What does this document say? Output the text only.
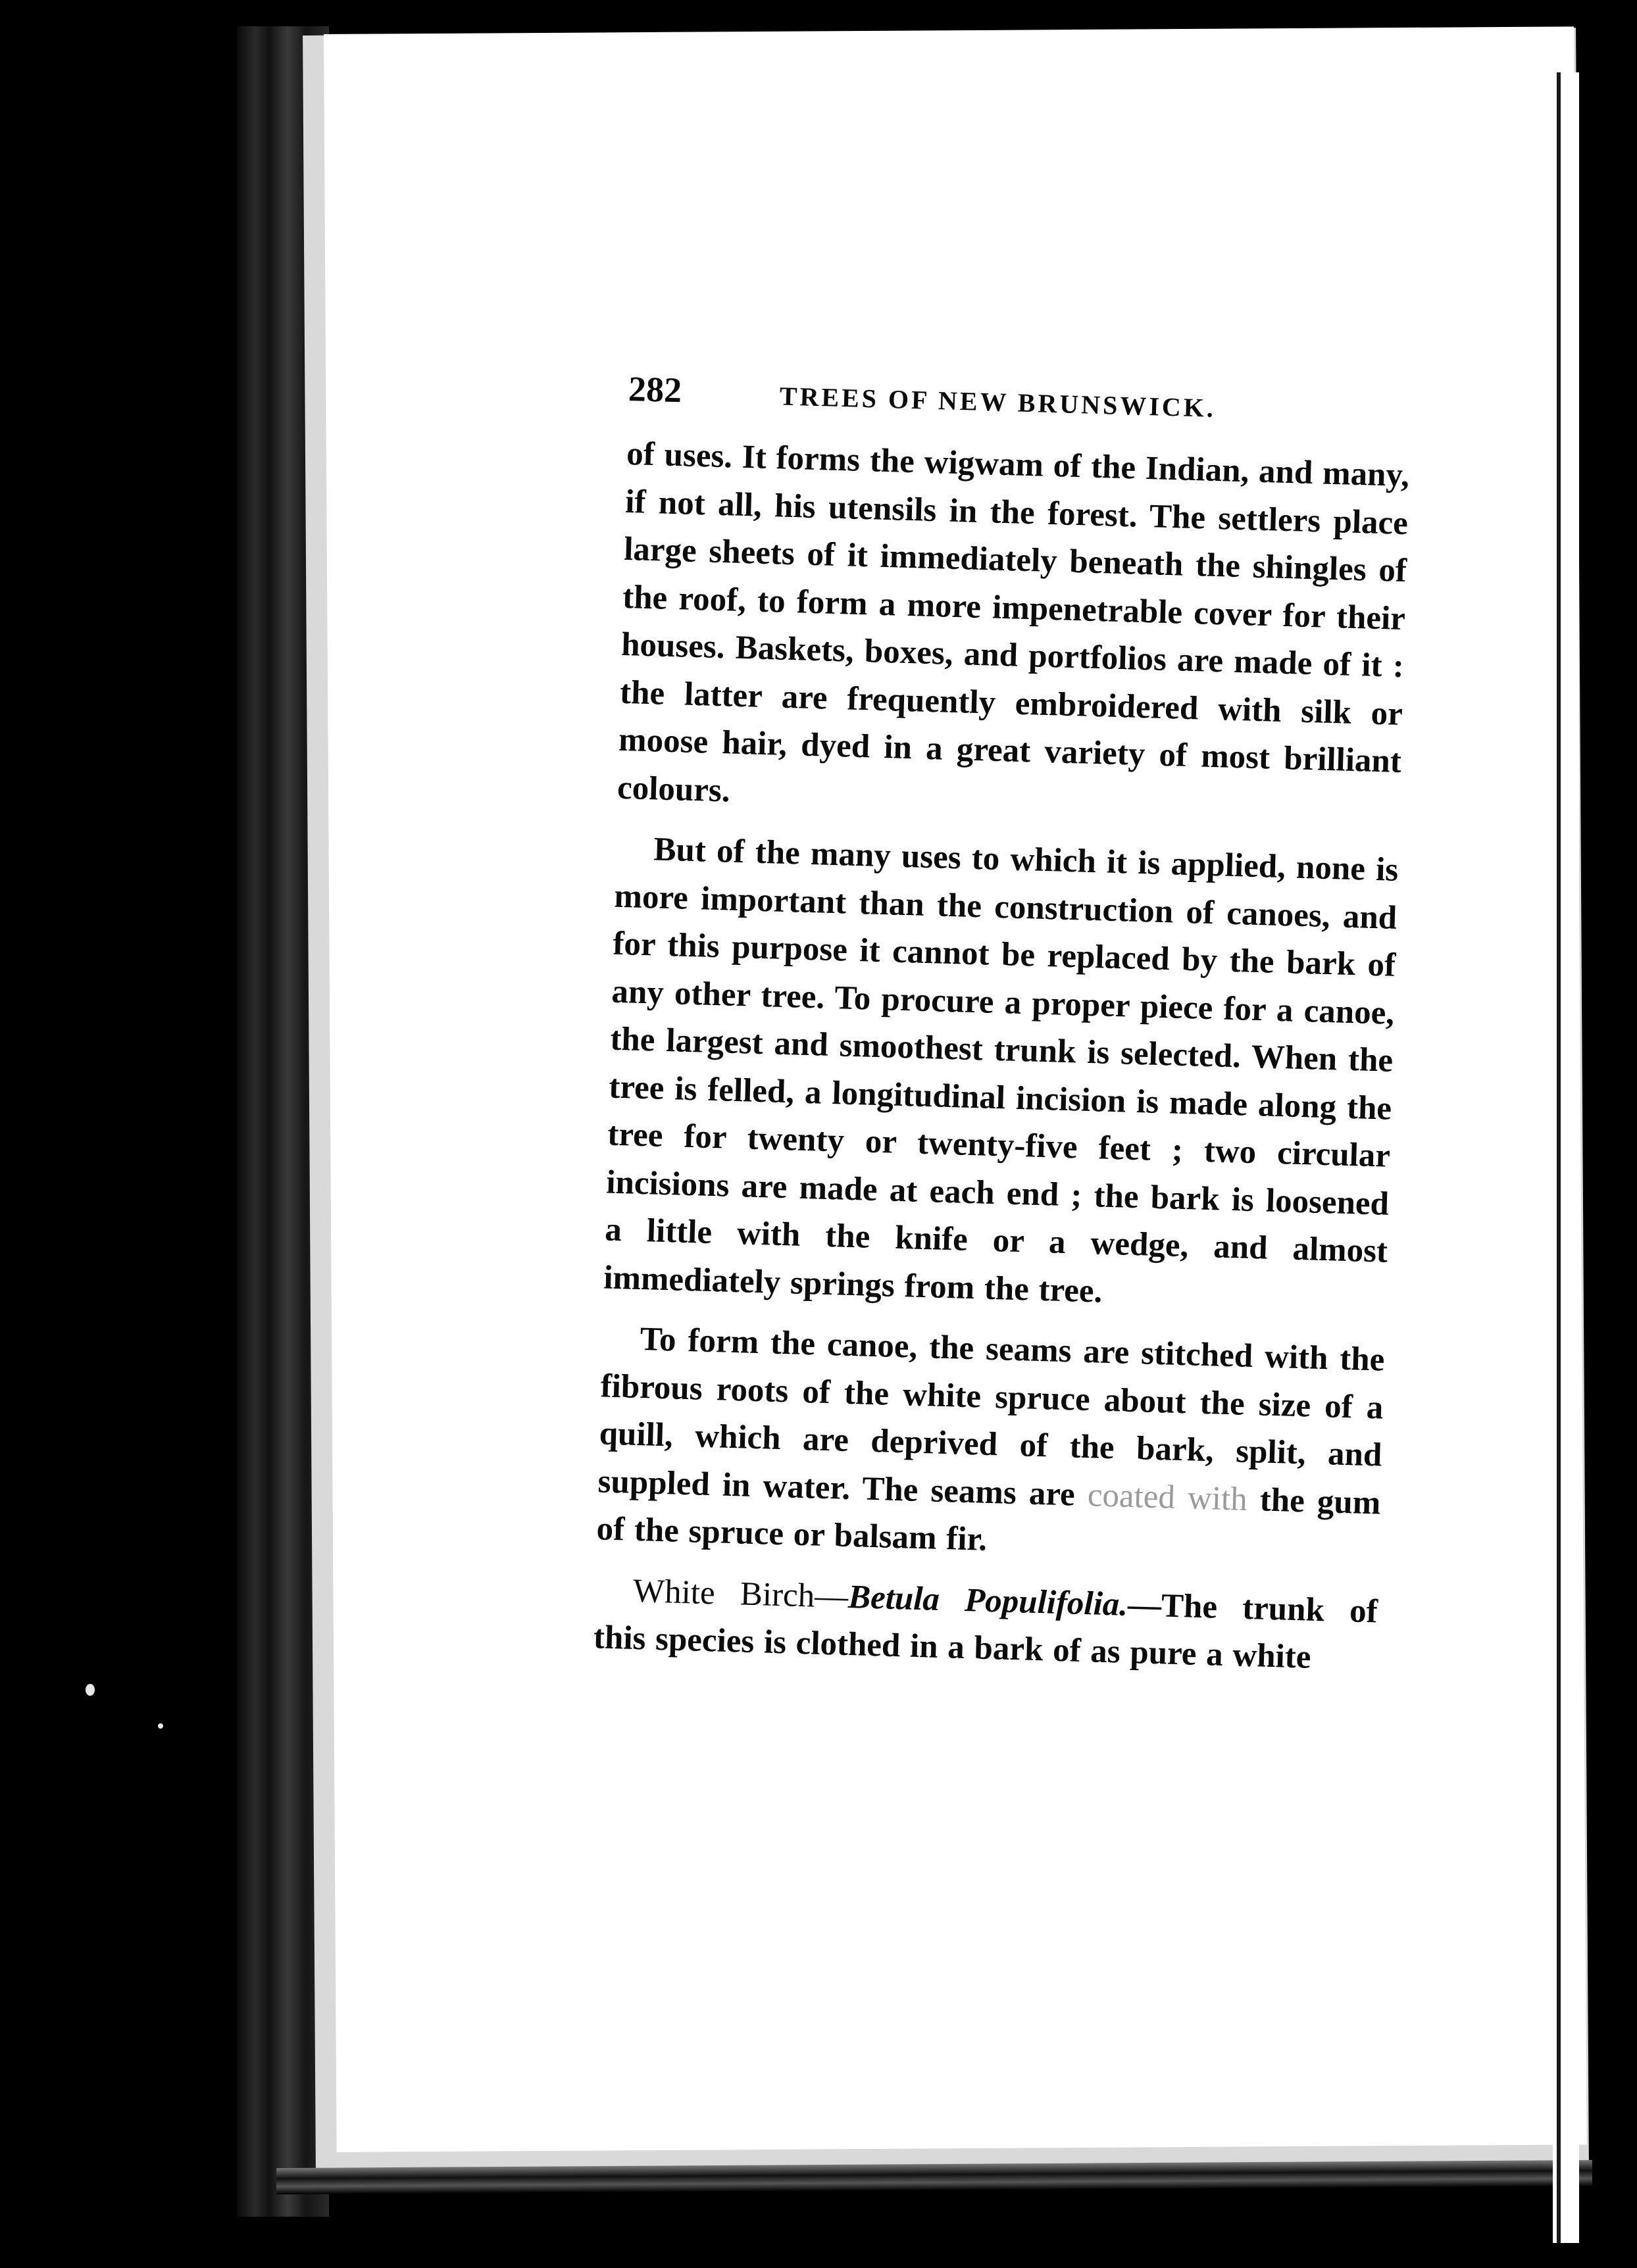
282	TREES OF NEW BRUNSWICK.

of uses. It forms the wigwam of the Indian, and many, if not all, his utensils in the forest. The settlers place large sheets of it immediately beneath the shingles of the roof, to form a more impenetrable cover for their houses. Baskets, boxes, and portfolios are made of it : the latter are frequently embroidered with silk or moose hair, dyed in a great variety of most brilliant colours.

But of the many uses to which it is applied, none is more important than the construction of canoes, and for this purpose it cannot be replaced by the bark of any other tree. To procure a proper piece for a canoe, the largest and smoothest trunk is selected. When the tree is felled, a longitudinal incision is made along the tree for twenty or twenty-five feet ; two circular incisions are made at each end ; the bark is loosened a little with the knife or a wedge, and almost immediately springs from the tree.

To form the canoe, the seams are stitched with the fibrous roots of the white spruce about the size of a quill, which are deprived of the bark, split, and suppled in water. The seams are coated with the gum of the spruce or balsam fir.

White Birch—Betula Populifolia.—The trunk of this species is clothed in a bark of as pure a white
